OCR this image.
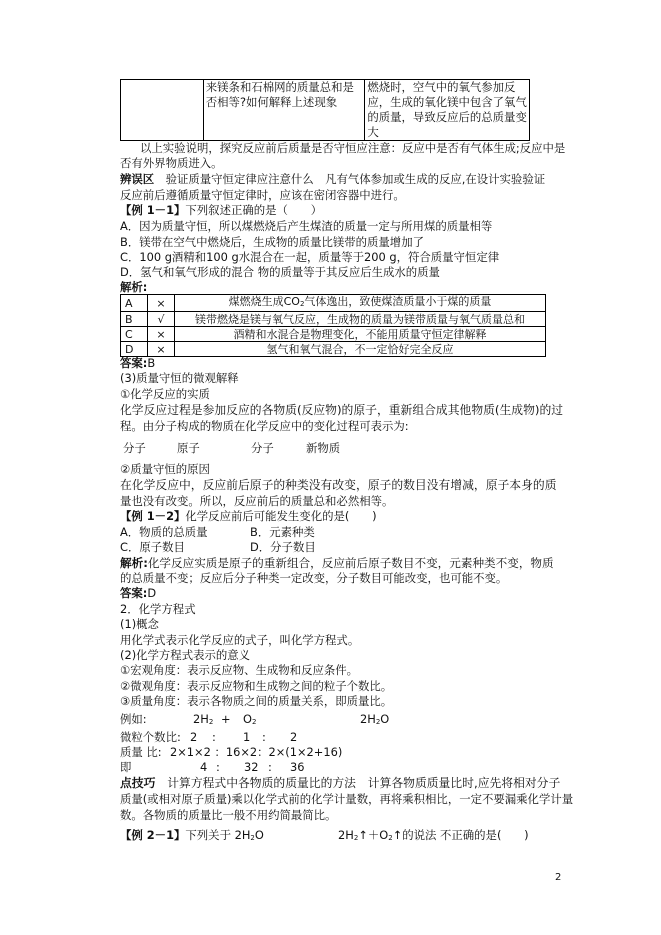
	来镁条和石棉网的质量总和是否相等?如何解释上述现象	燃烧时，空气中的氧气参加反应，生成的氧化镁中包含了氧气的质量，导致反应后的总质量变大
以上实验说明，探究反应前后质量是否守恒应注意：反应中是否有气体生成;反应中是
否有外界物质进入。
辨误区　 验证质量守恒定律应注意什么　凡有气体参加或生成的反应,在设计实验验证
反应前后遵循质量守恒定律时，应该在密闭容器中进行。
【例 1－1】下列叙述正确的是（　　）
A．因为质量守恒，所以煤燃烧后产生煤渣的质量一定与所用煤的质量相等
B．镁带在空气中燃烧后，生成物的质量比镁带的质量增加了
C．100 g酒精和100 g水混合在一起，质量等于200 g，符合质量守恒定律
D．氢气和氧气形成的混合 物的质量等于其反应后生成水的质量
解析:
A	×	煤燃烧生成$CO_2$气体逸出，致使煤渣质量小于煤的质量
B	√	镁带燃烧是镁与氧气反应，生成物的质量为镁带质量与氧气质量总和
C	×	酒精和水混合是物理变化，不能用质量守恒定律解释
D	×	氢气和氧气混合，不一定恰好完全反应
答案:B
(3)质量守恒的微观解释
①化学反应的实质
化学反应过程是参加反应的各物质(反应物)的原子，重新组合成其他物质(生成物)的过
程。由分子构成的物质在化学反应中的变化过程可表示为:
分子	原子	分子	新物质
②质量守恒的原因
在化学反应中，反应前后原子的种类没有改变，原子的数目没有增减，原子本身的质
量也没有改变。所以，反应前后的质量总和必然相等。
【例 1－2】化学反应前后可能发生变化的是(　　)
A．物质的总质量	B．元素种类
C．原子数目	D．分子数目
解析:化学反应实质是原子的重新组合，反应前后原子数目不变，元素种类不变，物质
的总质量不变；反应后分子种类一定改变，分子数目可能改变，也可能不变。
答案:D
2．化学方程式
(1)概念
用化学式表示化学反应的式子，叫化学方程式。
(2)化学方程式表示的意义
①宏观角度：表示反应物、生成物和反应条件。
②微观角度：表示反应物和生成物之间的粒子个数比。
③质量角度：表示各物质之间的质量关系，即质量比。
例如:	$2H_2 + O_2$	$2H_2O$
微粒个数比: 2 : 1 : 2
质量 比: 2×1×2 ：16×2：2×(1×2+16)
即	4 : 32 : 36
点技巧　 计算方程式中各物质的质量比的方法　计算各物质质量比时,应先将相对分子
质量(或相对原子质量)乘以化学式前的化学计量数，再将乘积相比，一定不要漏乘化学计量
数。各物质的质量比一般不用约简最简比。
【例 2－1】下列关于 $2H_2O$	$2H_2↑+O_2↑$的说法 不正确的是(　　)
2
